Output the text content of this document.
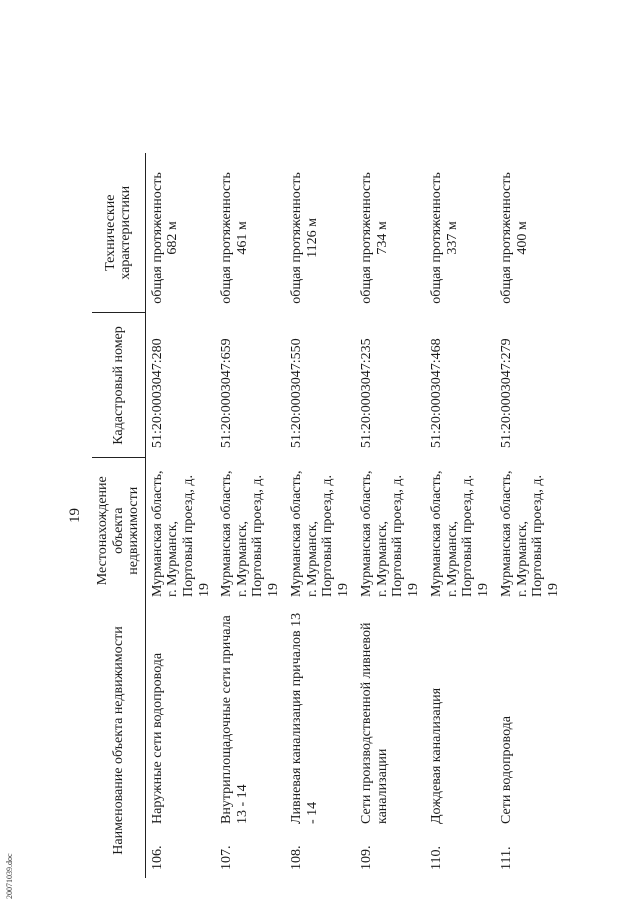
19
Наименование объекта недвижимости		Местонахождение объекта недвижимости	Кадастровый номер	Технические характеристики
106.	Наружные сети водопровода	Мурманская область, г. Мурманск, Портовый проезд, д. 19	51:20:0003047:280	общая протяженность 682 м

107.	Внутриплощадочные сети причала 13 - 14	Мурманская область, г. Мурманск, Портовый проезд, д. 19	51:20:0003047:659	общая протяженность 461 м

108.	Ливневая канализация причалов 13 - 14	Мурманская область, г. Мурманск, Портовый проезд, д. 19	51:20:0003047:550	общая протяженность 1126 м

109.	Сети производственной ливневой канализации	Мурманская область, г. Мурманск, Портовый проезд, д. 19	51:20:0003047:235	общая протяженность 734 м

110.	Дождевая канализация	Мурманская область, г. Мурманск, Портовый проезд, д. 19	51:20:0003047:468	общая протяженность 337 м

111.	Сети водопровода	Мурманская область, г. Мурманск, Портовый проезд, д. 19	51:20:0003047:279	общая протяженность 400 м
20071039.doc
